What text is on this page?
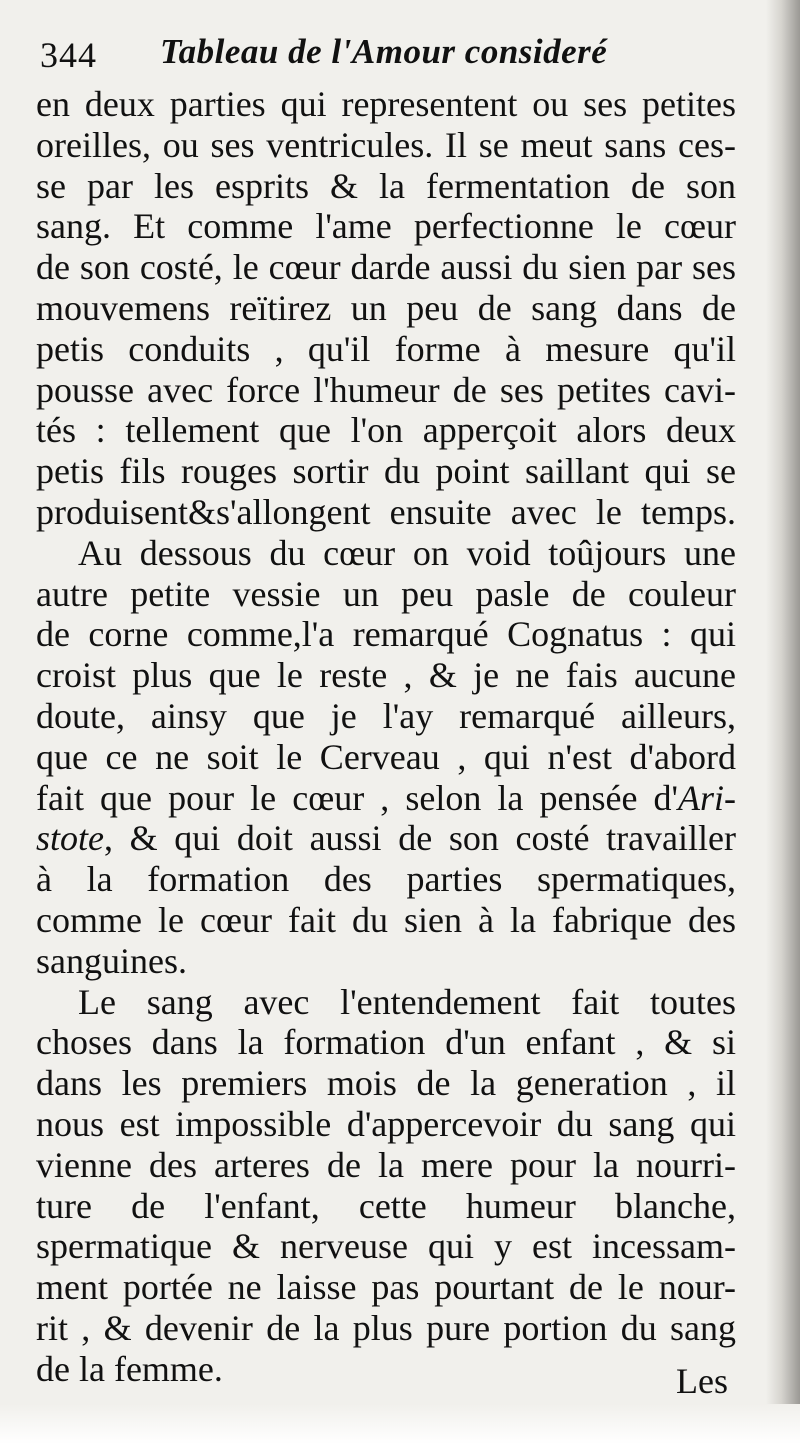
344 Tableau de l'Amour consideré
en deux parties qui representent ou ses petites
oreilles, ou ses ventricules. Il se meut sans ces-
se par les esprits & la fermentation de son
sang. Et comme l'ame perfectionne le cœur
de son costé, le cœur darde aussi du sien par ses
mouvemens reïtirez un peu de sang dans de
petis conduits , qu'il forme à mesure qu'il
pousse avec force l'humeur de ses petites cavi-
tés : tellement que l'on apperçoit alors deux
petis fils rouges sortir du point saillant qui se
produisent&s'allongent ensuite avec le temps.
Au dessous du cœur on void toûjours une
autre petite vessie un peu pasle de couleur
de corne comme,l'a remarqué Cognatus : qui
croist plus que le reste , & je ne fais aucune
doute, ainsy que je l'ay remarqué ailleurs,
que ce ne soit le Cerveau , qui n'est d'abord
fait que pour le cœur , selon la pensée d'Ari-
stote, & qui doit aussi de son costé travailler
à la formation des parties spermatiques,
comme le cœur fait du sien à la fabrique des
sanguines.
Le sang avec l'entendement fait toutes
choses dans la formation d'un enfant , & si
dans les premiers mois de la generation , il
nous est impossible d'appercevoir du sang qui
vienne des arteres de la mere pour la nourri-
ture de l'enfant, cette humeur blanche,
spermatique & nerveuse qui y est incessam-
ment portée ne laisse pas pourtant de le nour-
rit , & devenir de la plus pure portion du sang
de la femme.	Les
